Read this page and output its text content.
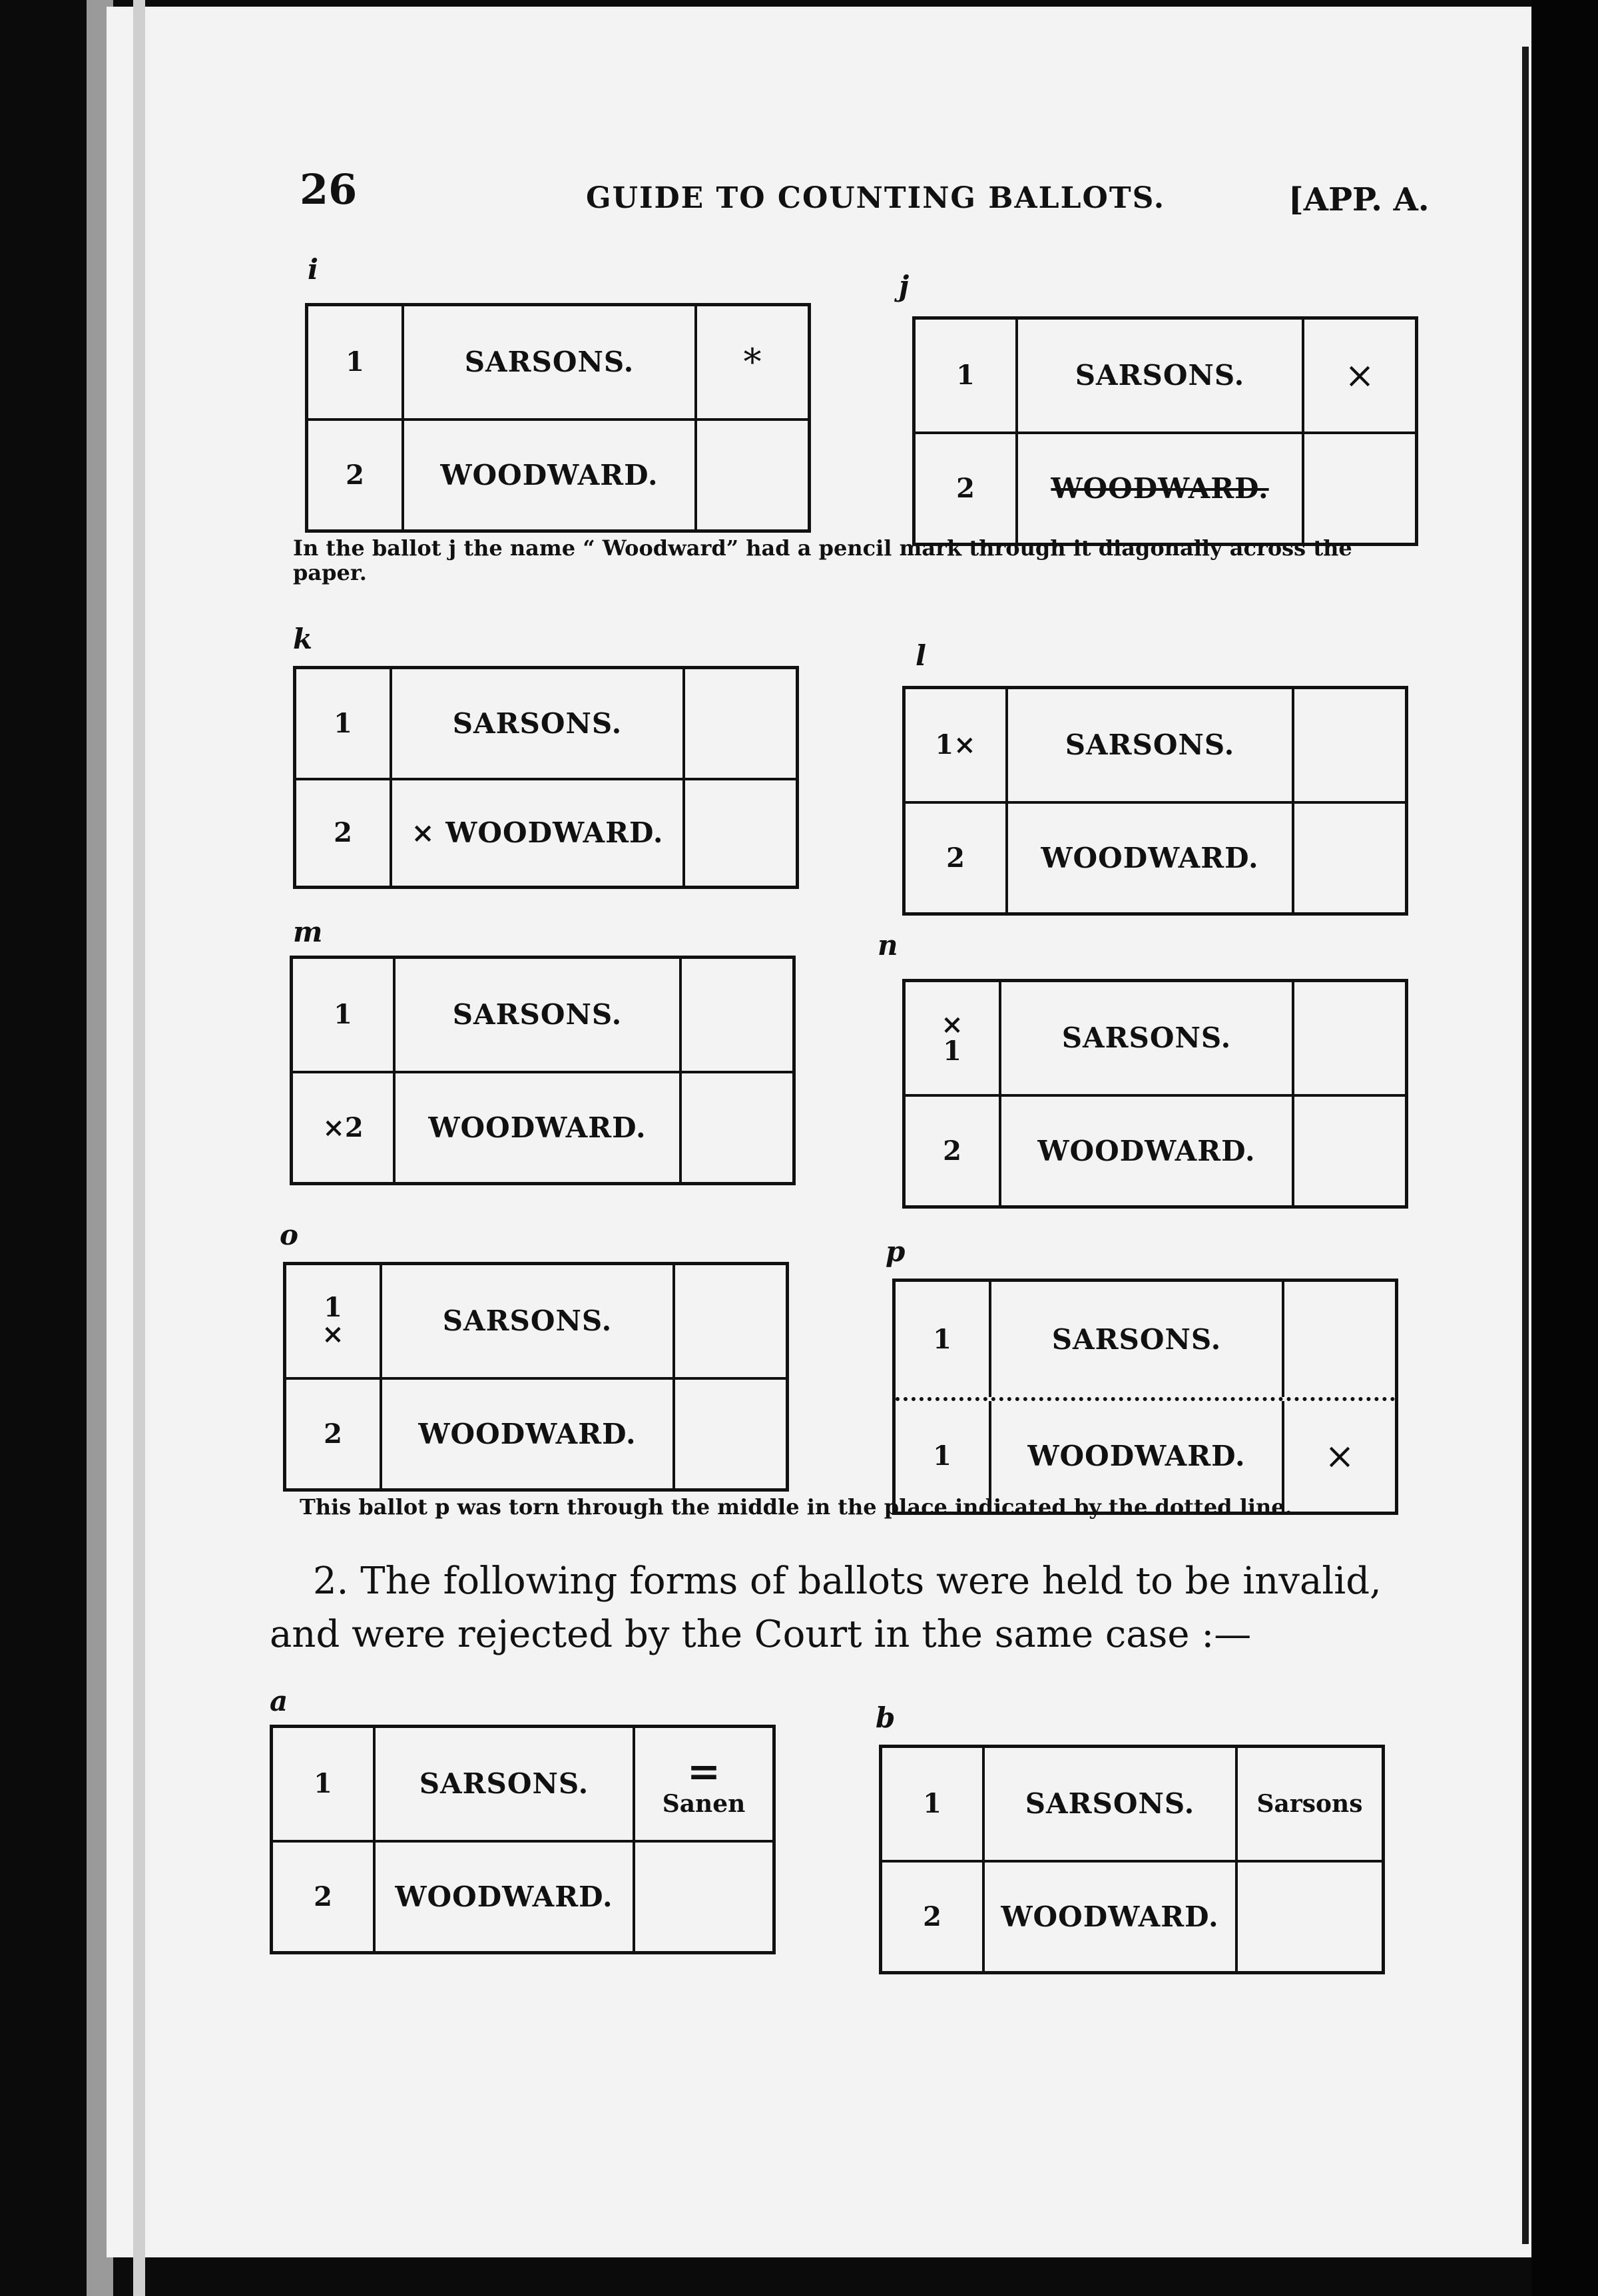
26	GUIDE TO COUNTING BALLOTS.	[APP. A.
i
1	SARSONS.	*
2	WOODWARD.
j
1	SARSONS.	×
2	WOODWARD.
In the ballot j the name “ Woodward” had a pencil mark through it diagonally across the paper.
k
1	SARSONS.
2	× WOODWARD.
l
1×	SARSONS.
2	WOODWARD.
m
1	SARSONS.
×2	WOODWARD.
n
×
1	SARSONS.
2	WOODWARD.
o
1
×	SARSONS.
2	WOODWARD.
p
1	SARSONS.
1	WOODWARD.	×
This ballot p was torn through the middle in the place indicated by the dotted line.
2. The following forms of ballots were held to be invalid,
and were rejected by the Court in the same case :—
a
1	SARSONS.	=
Sanen
2	WOODWARD.
b
1	SARSONS.	Sarsons
2	WOODWARD.
